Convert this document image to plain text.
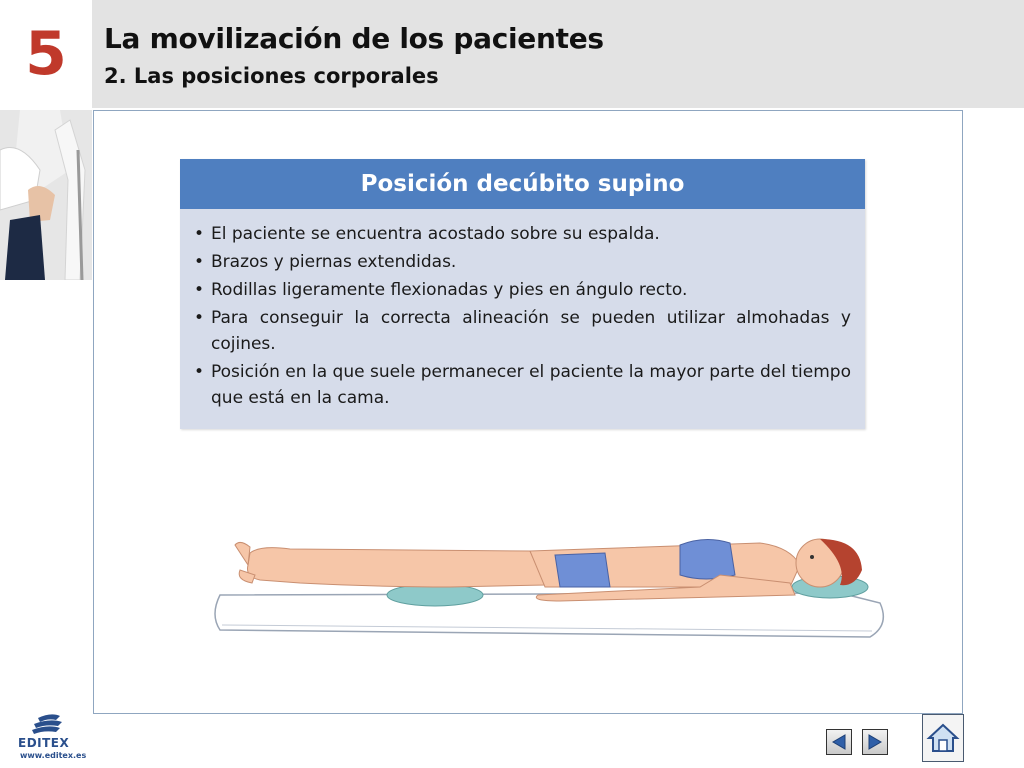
5	La movilización de los pacientes
2. Las posiciones corporales
Posición decúbito supino
• El paciente se encuentra acostado sobre su espalda.
• Brazos y piernas extendidas.
• Rodillas ligeramente flexionadas y pies en ángulo recto.
• Para conseguir la correcta alineación se pueden utilizar almohadas y cojines.
• Posición en la que suele permanecer el paciente la mayor parte del tiempo que está en la cama.
EDITEX
www.editex.es
